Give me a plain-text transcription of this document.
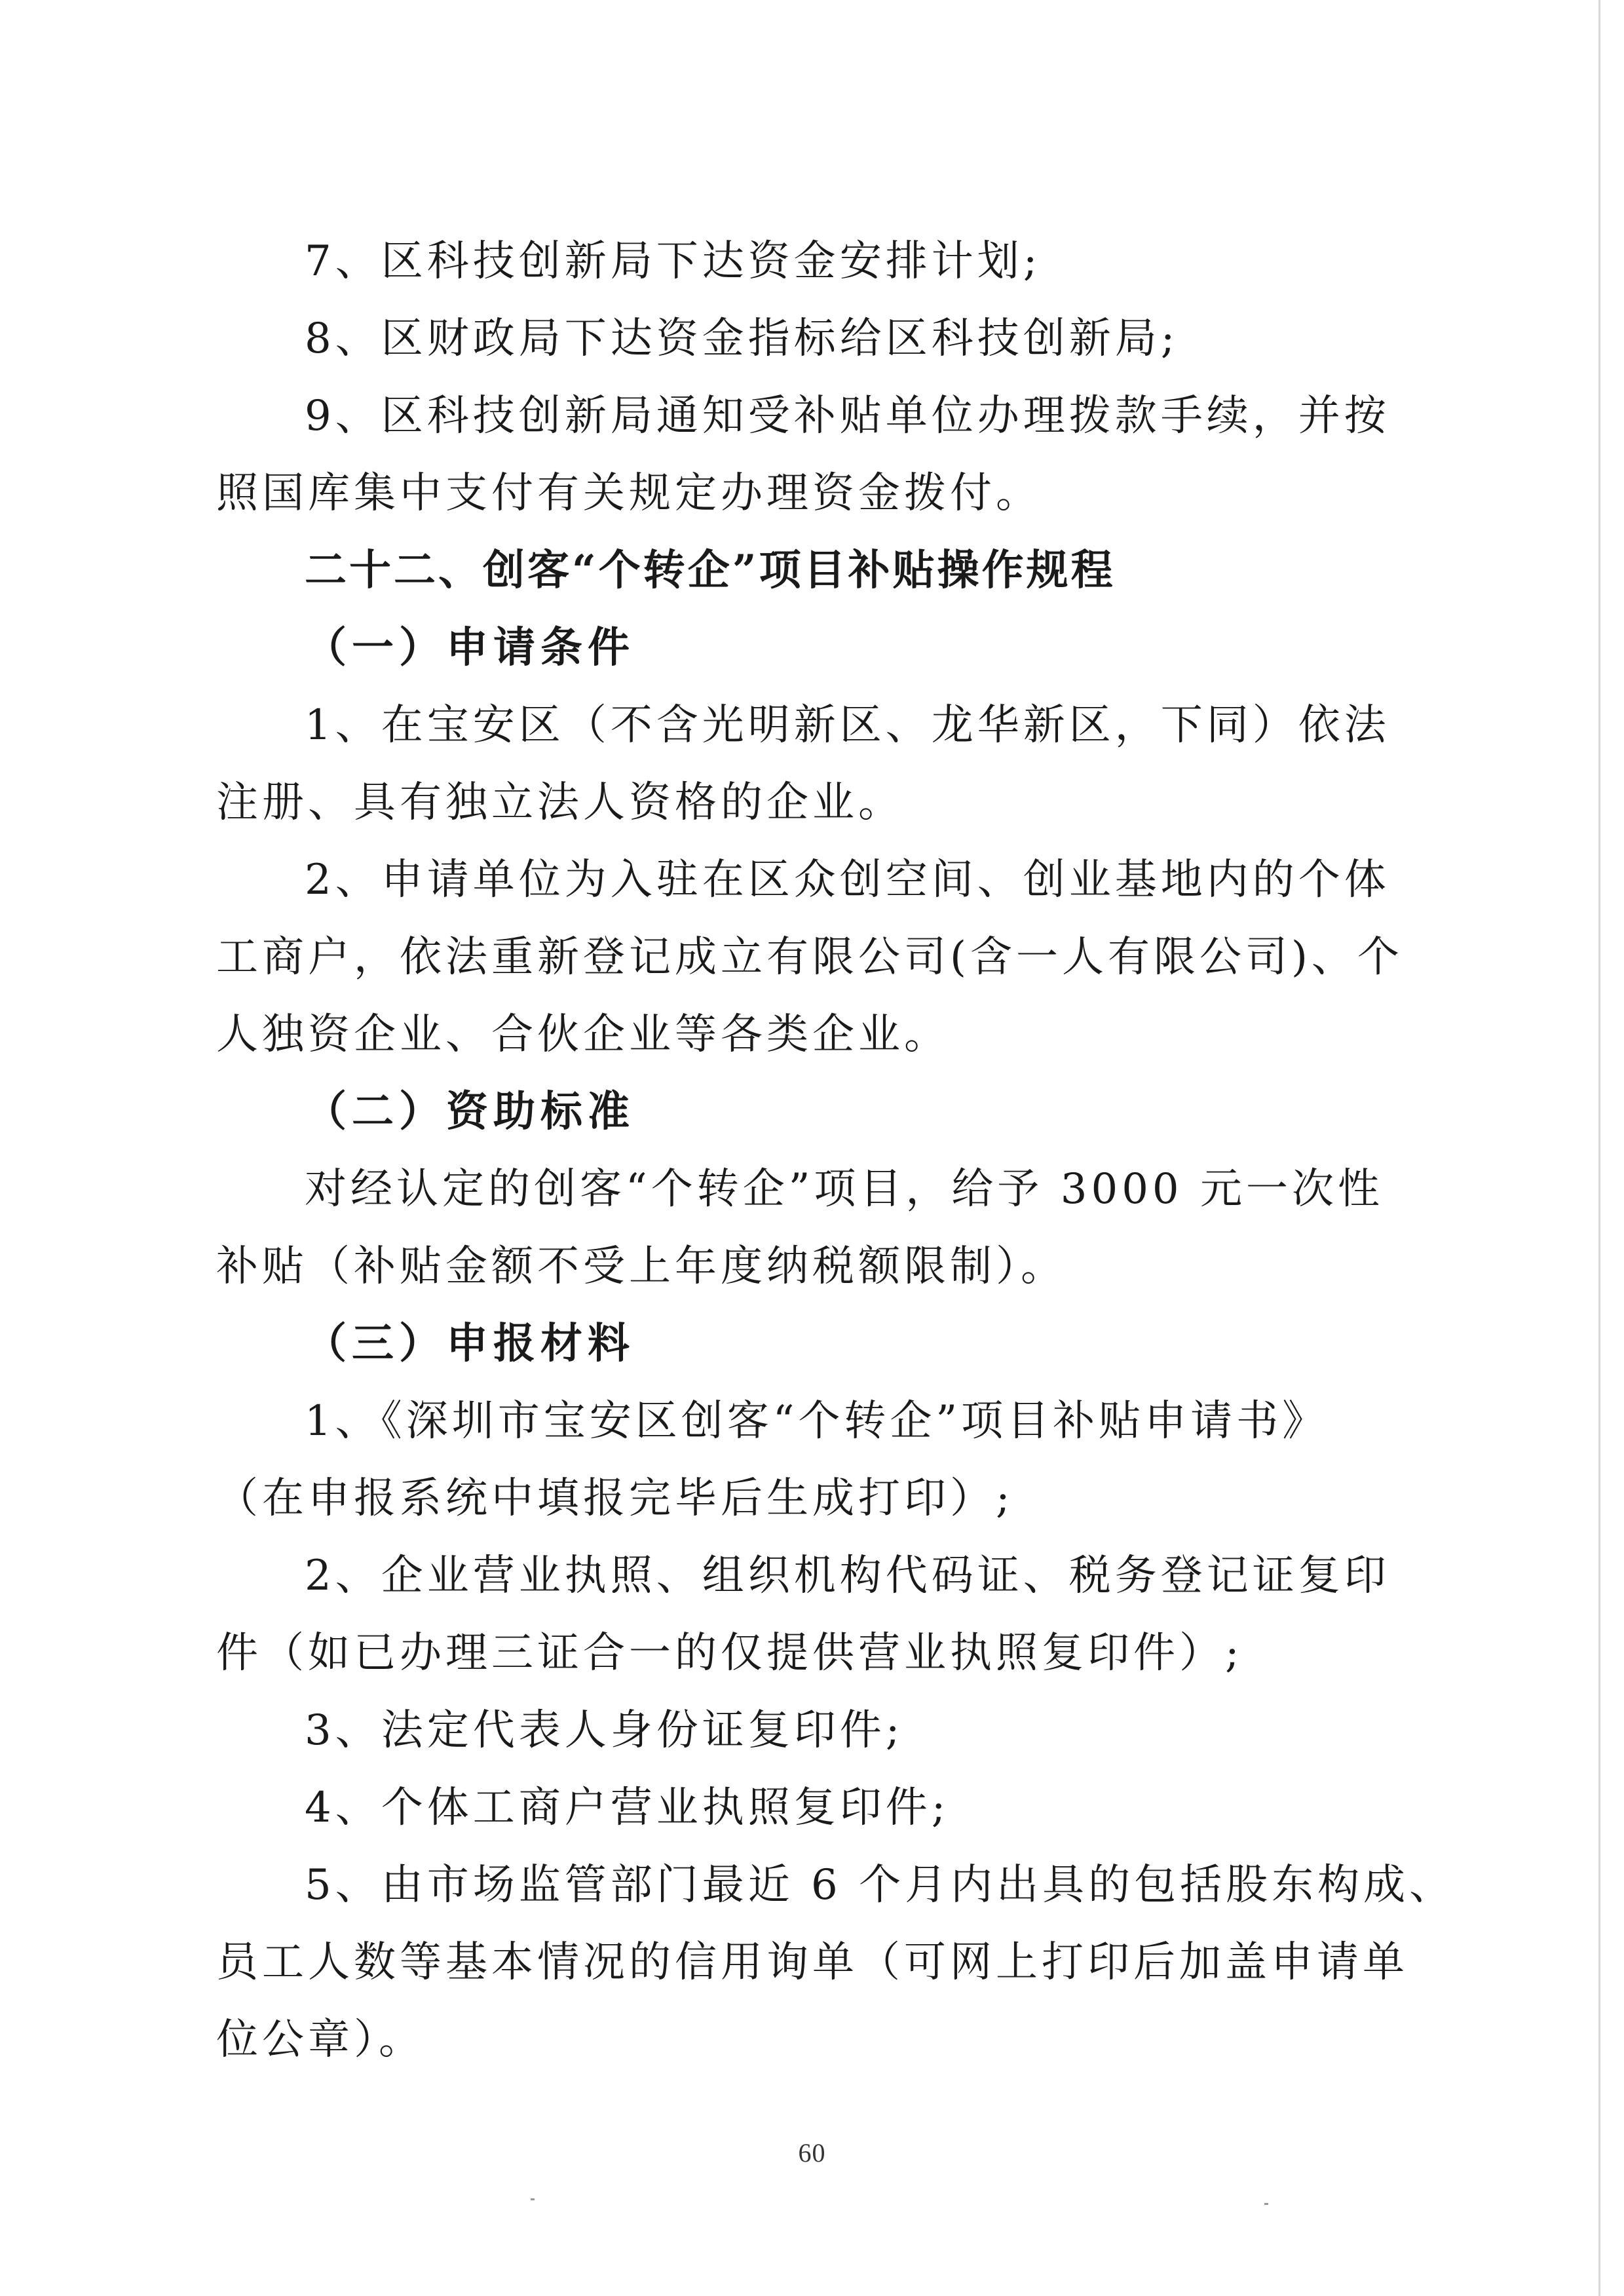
7、区科技创新局下达资金安排计划;
8、区财政局下达资金指标给区科技创新局;
9、区科技创新局通知受补贴单位办理拨款手续，并按
照国库集中支付有关规定办理资金拨付。
二十二、创客“个转企”项目补贴操作规程
（一）申请条件
1、在宝安区（不含光明新区、龙华新区，下同）依法
注册、具有独立法人资格的企业。
2、申请单位为入驻在区众创空间、创业基地内的个体
工商户，依法重新登记成立有限公司(含一人有限公司)、个
人独资企业、合伙企业等各类企业。
（二）资助标准
对经认定的创客“个转企”项目，给予 3000 元一次性
补贴（补贴金额不受上年度纳税额限制）。
（三）申报材料
1、《深圳市宝安区创客“个转企”项目补贴申请书》
（在申报系统中填报完毕后生成打印）;
2、企业营业执照、组织机构代码证、税务登记证复印
件（如已办理三证合一的仅提供营业执照复印件）;
3、法定代表人身份证复印件;
4、个体工商户营业执照复印件;
5、由市场监管部门最近 6 个月内出具的包括股东构成、
员工人数等基本情况的信用询单（可网上打印后加盖申请单
位公章）。
60
